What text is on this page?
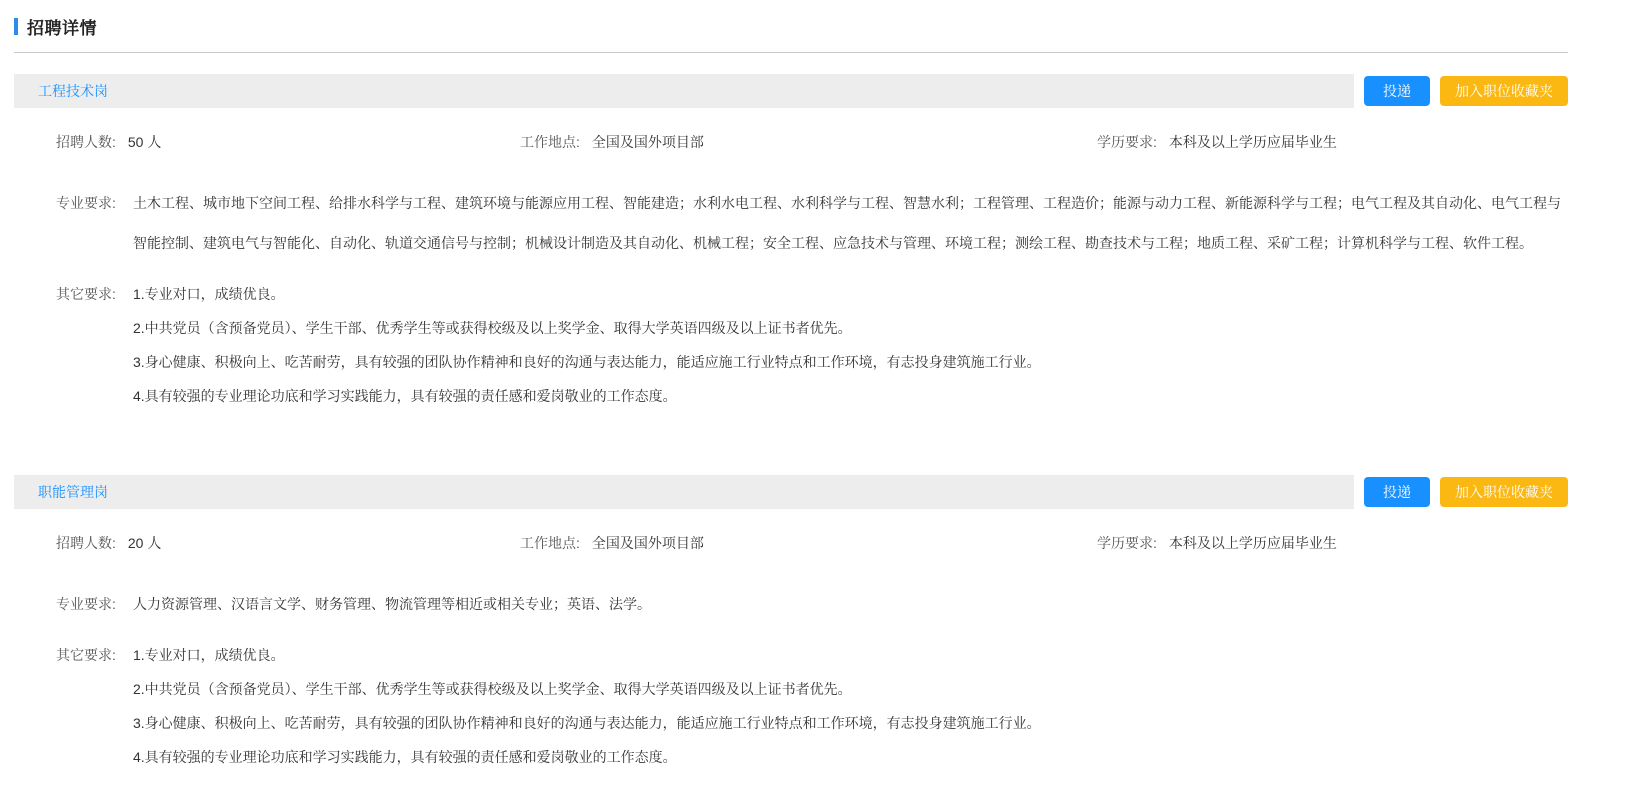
招聘详情
工程技术岗	投递	加入职位收藏夹
招聘人数: 50 人	工作地点: 全国及国外项目部	学历要求: 本科及以上学历应届毕业生
专业要求:	土木工程、城市地下空间工程、给排水科学与工程、建筑环境与能源应用工程、智能建造；水利水电工程、水利科学与工程、智慧水利；工程管理、工程造价；能源与动力工程、新能源科学与工程；电气工程及其自动化、电气工程与智能控制、建筑电气与智能化、自动化、轨道交通信号与控制；机械设计制造及其自动化、机械工程；安全工程、应急技术与管理、环境工程；测绘工程、勘查技术与工程；地质工程、采矿工程；计算机科学与工程、软件工程。
其它要求:	1.专业对口，成绩优良。
2.中共党员（含预备党员）、学生干部、优秀学生等或获得校级及以上奖学金、取得大学英语四级及以上证书者优先。
3.身心健康、积极向上、吃苦耐劳，具有较强的团队协作精神和良好的沟通与表达能力，能适应施工行业特点和工作环境，有志投身建筑施工行业。
4.具有较强的专业理论功底和学习实践能力，具有较强的责任感和爱岗敬业的工作态度。
职能管理岗	投递	加入职位收藏夹
招聘人数: 20 人	工作地点: 全国及国外项目部	学历要求: 本科及以上学历应届毕业生
专业要求:	人力资源管理、汉语言文学、财务管理、物流管理等相近或相关专业；英语、法学。
其它要求:	1.专业对口，成绩优良。
2.中共党员（含预备党员）、学生干部、优秀学生等或获得校级及以上奖学金、取得大学英语四级及以上证书者优先。
3.身心健康、积极向上、吃苦耐劳，具有较强的团队协作精神和良好的沟通与表达能力，能适应施工行业特点和工作环境，有志投身建筑施工行业。
4.具有较强的专业理论功底和学习实践能力，具有较强的责任感和爱岗敬业的工作态度。
